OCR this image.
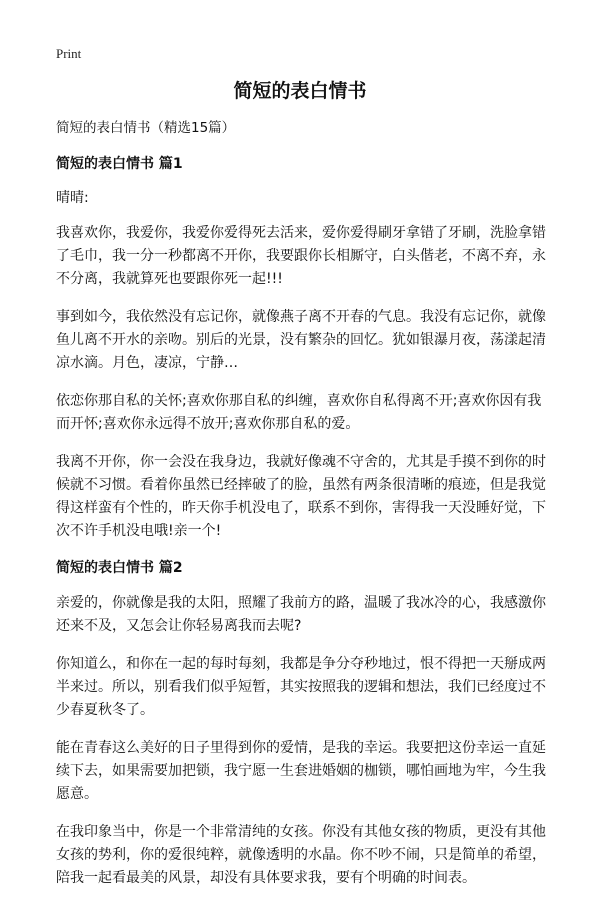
Print
简短的表白情书

简短的表白情书（精选15篇）

简短的表白情书 篇1

晴晴:

我喜欢你，我爱你，我爱你爱得死去活来，爱你爱得刷牙拿错了牙刷，洗脸拿错了毛巾，我一分一秒都离不开你，我要跟你长相厮守，白头偕老，不离不弃，永不分离，我就算死也要跟你死一起!!!

事到如今，我依然没有忘记你，就像燕子离不开春的气息。我没有忘记你，就像鱼儿离不开水的亲吻。别后的光景，没有繁杂的回忆。犹如银瀑月夜，荡漾起清凉水滴。月色，凄凉，宁静…

依恋你那自私的关怀;喜欢你那自私的纠缠，喜欢你自私得离不开;喜欢你因有我而开怀;喜欢你永远得不放开;喜欢你那自私的爱。

我离不开你，你一会没在我身边，我就好像魂不守舍的，尤其是手摸不到你的时候就不习惯。看着你虽然已经摔破了的脸，虽然有两条很清晰的痕迹，但是我觉得这样蛮有个性的，昨天你手机没电了，联系不到你，害得我一天没睡好觉，下次不许手机没电哦!亲一个!

简短的表白情书 篇2

亲爱的，你就像是我的太阳，照耀了我前方的路，温暖了我冰冷的心，我感激你还来不及，又怎会让你轻易离我而去呢?

你知道么，和你在一起的每时每刻，我都是争分夺秒地过，恨不得把一天掰成两半来过。所以，别看我们似乎短暂，其实按照我的逻辑和想法，我们已经度过不少春夏秋冬了。

能在青春这么美好的日子里得到你的爱情，是我的幸运。我要把这份幸运一直延续下去，如果需要加把锁，我宁愿一生套进婚姻的枷锁，哪怕画地为牢，今生我愿意。

在我印象当中，你是一个非常清纯的女孩。你没有其他女孩的物质，更没有其他女孩的势利，你的爱很纯粹，就像透明的水晶。你不吵不闹，只是简单的希望，陪我一起看最美的风景，却没有具体要求我，要有个明确的时间表。
